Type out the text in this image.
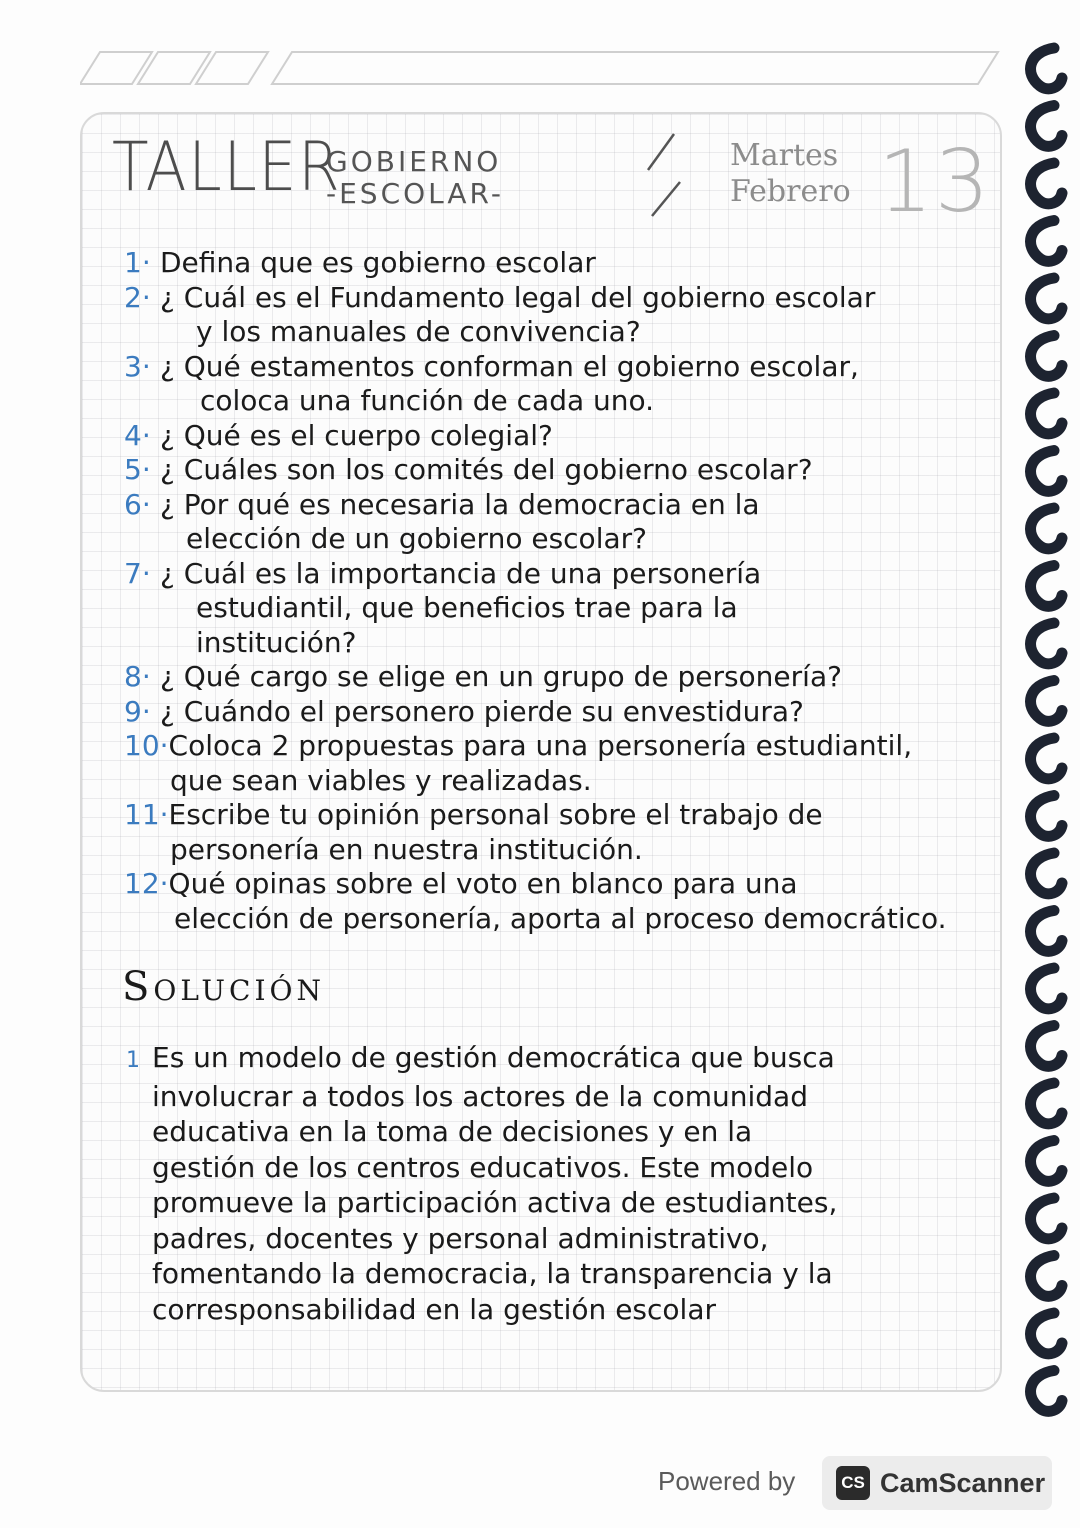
TALLER
GOBIERNO
-ESCOLAR-
Martes
Febrero 13
1· Defina que es gobierno escolar
2· ¿ Cuál es el Fundamento legal del gobierno escolar
y los manuales de convivencia?
3· ¿ Qué estamentos conforman el gobierno escolar,
coloca una función de cada uno.
4· ¿ Qué es el cuerpo colegial?
5· ¿ Cuáles son los comités del gobierno escolar?
6· ¿ Por qué es necesaria la democracia en la
elección de un gobierno escolar?
7· ¿ Cuál es la importancia de una personería
estudiantil, que beneficios trae para la
institución?
8· ¿ Qué cargo se elige en un grupo de personería?
9· ¿ Cuándo el personero pierde su envestidura?
10·Coloca 2 propuestas para una personería estudiantil,
que sean viables y realizadas.
11·Escribe tu opinión personal sobre el trabajo de
personería en nuestra institución.
12·Qué opinas sobre el voto en blanco para una
elección de personería, aporta al proceso democrático.
Solución
1 Es un modelo de gestión democrática que busca
involucrar a todos los actores de la comunidad
educativa en la toma de decisiones y en la
gestión de los centros educativos. Este modelo
promueve la participación activa de estudiantes,
padres, docentes y personal administrativo,
fomentando la democracia, la transparencia y la
corresponsabilidad en la gestión escolar
Powered by	CS CamScanner
